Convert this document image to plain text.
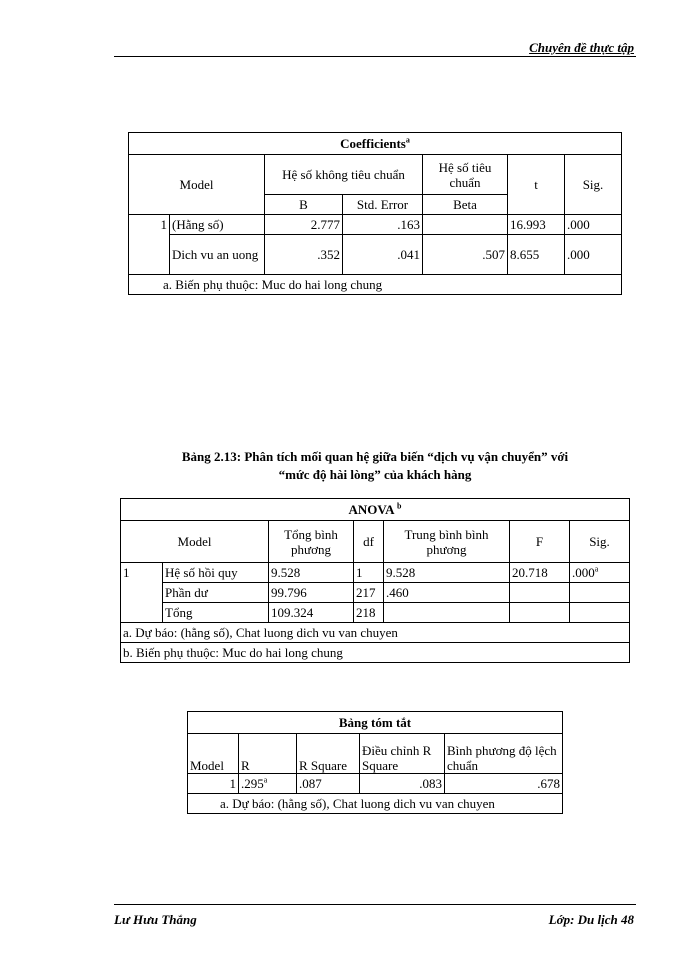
Chuyên đề thực tập
Coefficients$^a$
Model		Hệ số không tiêu chuẩn		Hệ số tiêu chuẩn	t	Sig.
		B	Std. Error	Beta		
1	(Hằng số)	2.777	.163		16.993	.000
	Dich vu an uong	.352	.041	.507	8.655	.000
a. Biến phụ thuộc: Muc do hai long chung						
Bảng 2.13: Phân tích mối quan hệ giữa biến “dịch vụ vận chuyển” với
“mức độ hài lòng” của khách hàng
ANOVA $^b$
Model		Tổng bình phương	df	Trung bình bình phương	F	Sig.
1	Hệ số hồi quy	9.528	1	9.528	20.718	.000$^a$
	Phần dư	99.796	217	.460		
	Tổng	109.324	218			
a. Dự báo: (hằng số), Chat luong dich vu van chuyen						
b. Biến phụ thuộc: Muc do hai long chung						
Bảng tóm tắt				
Model	R	R Square	Điều chỉnh R Square	Bình phương độ lệch chuẩn
1	.295$^a$	.087	.083	.678
a. Dự báo: (hằng số), Chat luong dich vu van chuyen				
Lư Hưu Thắng	Lớp: Du lịch 48
